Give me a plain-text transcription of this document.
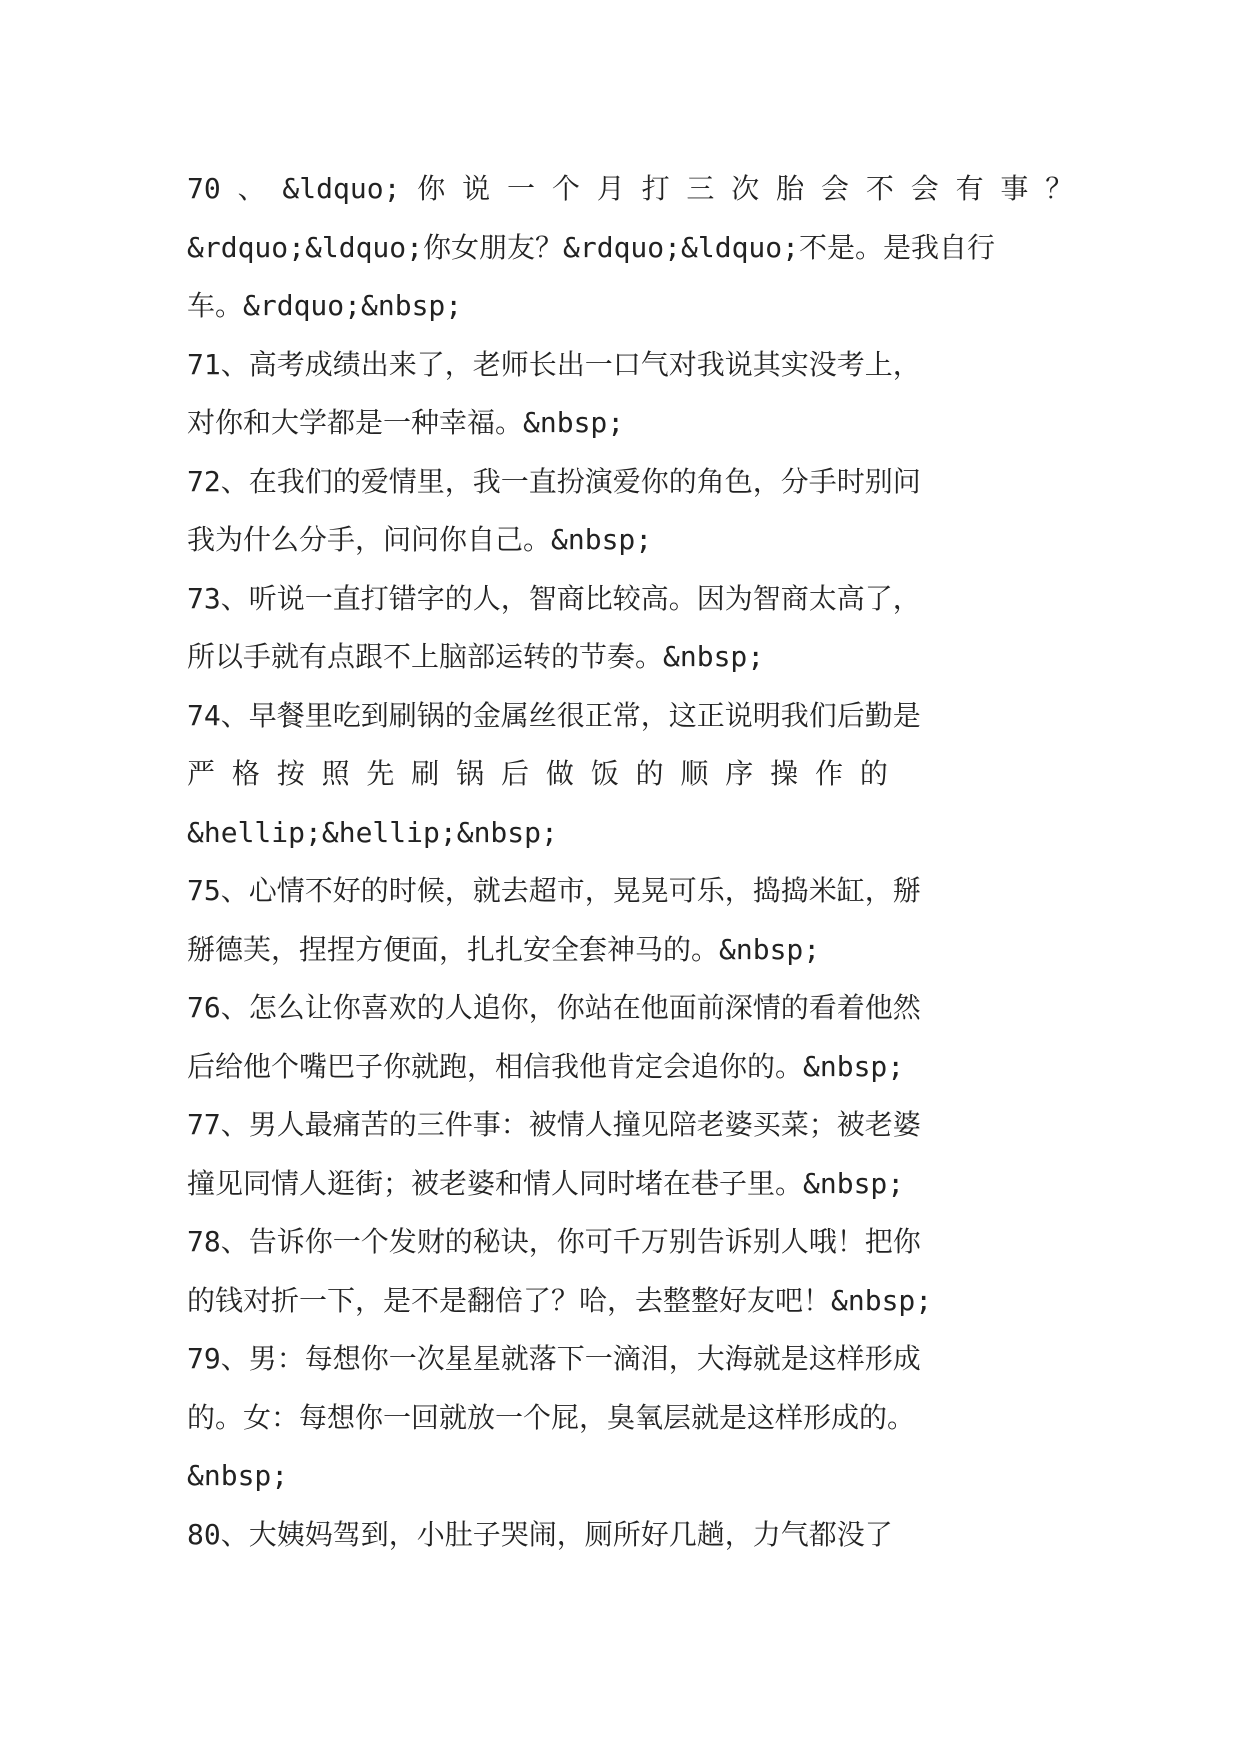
70 、 &ldquo; 你 说 一 个 月 打 三 次 胎 会 不 会 有 事 ？
&rdquo;&ldquo;你女朋友？&rdquo;&ldquo;不是。是我自行
车。&rdquo;&nbsp;
71、高考成绩出来了，老师长出一口气对我说其实没考上，
对你和大学都是一种幸福。&nbsp;
72、在我们的爱情里，我一直扮演爱你的角色，分手时别问
我为什么分手，问问你自己。&nbsp;
73、听说一直打错字的人，智商比较高。因为智商太高了，
所以手就有点跟不上脑部运转的节奏。&nbsp;
74、早餐里吃到刷锅的金属丝很正常，这正说明我们后勤是
严 格 按 照 先 刷 锅 后 做 饭 的 顺 序 操 作 的
&hellip;&hellip;&nbsp;
75、心情不好的时候，就去超市，晃晃可乐，捣捣米缸，掰
掰德芙，捏捏方便面，扎扎安全套神马的。&nbsp;
76、怎么让你喜欢的人追你，你站在他面前深情的看着他然
后给他个嘴巴子你就跑，相信我他肯定会追你的。&nbsp;
77、男人最痛苦的三件事：被情人撞见陪老婆买菜；被老婆
撞见同情人逛街；被老婆和情人同时堵在巷子里。&nbsp;
78、告诉你一个发财的秘诀，你可千万别告诉别人哦！把你
的钱对折一下，是不是翻倍了？哈，去整整好友吧！&nbsp;
79、男：每想你一次星星就落下一滴泪，大海就是这样形成
的。女：每想你一回就放一个屁，臭氧层就是这样形成的。
&nbsp;
80、大姨妈驾到，小肚子哭闹，厕所好几趟，力气都没了
